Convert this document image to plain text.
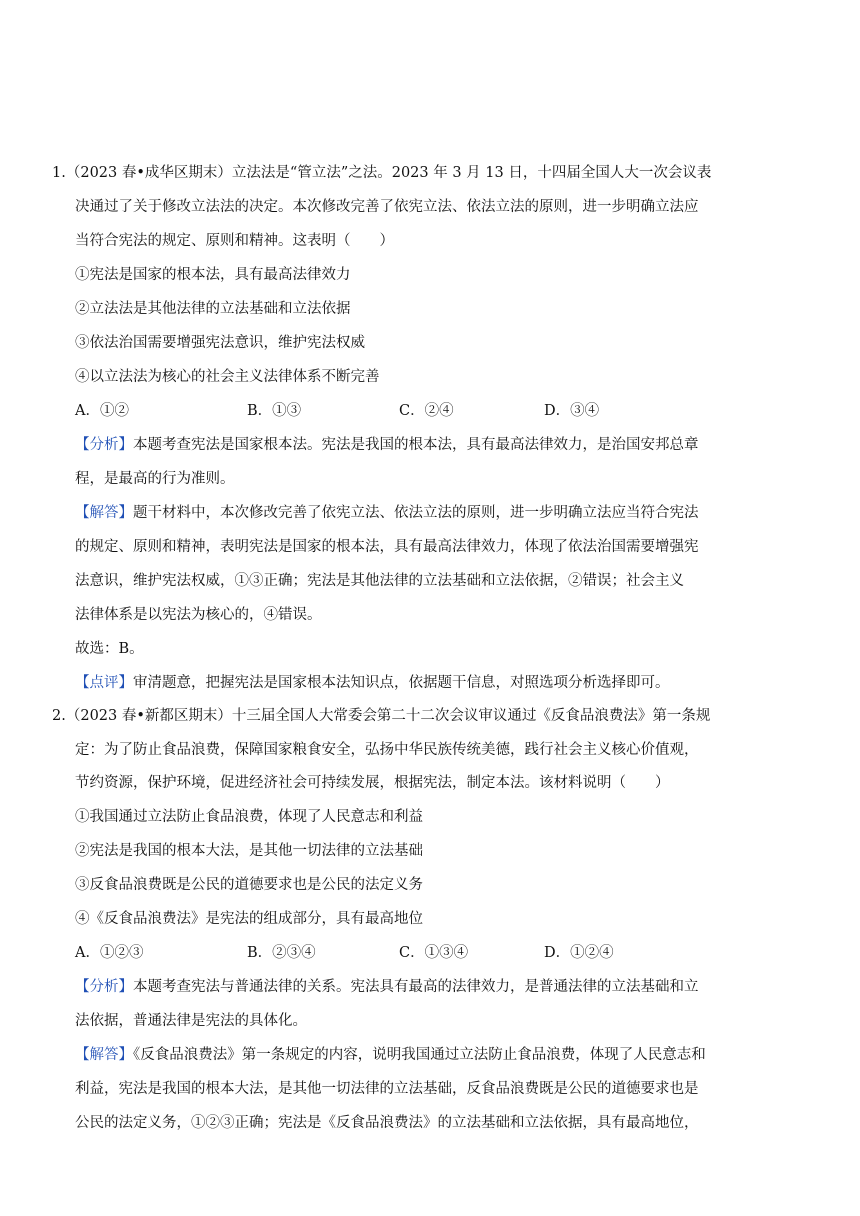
1.（2023 春•成华区期末）立法法是“管立法”之法。2023 年 3 月 13 日，十四届全国人大一次会议表
决通过了关于修改立法法的决定。本次修改完善了依宪立法、依法立法的原则，进一步明确立法应
当符合宪法的规定、原则和精神。这表明（　　）
①宪法是国家的根本法，具有最高法律效力
②立法法是其他法律的立法基础和立法依据
③依法治国需要增强宪法意识，维护宪法权威
④以立法法为核心的社会主义法律体系不断完善
A．①②	B．①③	C．②④	D．③④
【分析】本题考查宪法是国家根本法。宪法是我国的根本法，具有最高法律效力，是治国安邦总章
程，是最高的行为准则。
【解答】题干材料中，本次修改完善了依宪立法、依法立法的原则，进一步明确立法应当符合宪法
的规定、原则和精神，表明宪法是国家的根本法，具有最高法律效力，体现了依法治国需要增强宪
法意识，维护宪法权威，①③正确；宪法是其他法律的立法基础和立法依据，②错误；社会主义
法律体系是以宪法为核心的，④错误。
故选：B。
【点评】审清题意，把握宪法是国家根本法知识点，依据题干信息，对照选项分析选择即可。
2.（2023 春•新都区期末）十三届全国人大常委会第二十二次会议审议通过《反食品浪费法》第一条规
定：为了防止食品浪费，保障国家粮食安全，弘扬中华民族传统美德，践行社会主义核心价值观，
节约资源，保护环境，促进经济社会可持续发展，根据宪法，制定本法。该材料说明（　　）
①我国通过立法防止食品浪费，体现了人民意志和利益
②宪法是我国的根本大法，是其他一切法律的立法基础
③反食品浪费既是公民的道德要求也是公民的法定义务
④《反食品浪费法》是宪法的组成部分，具有最高地位
A．①②③	B．②③④	C．①③④	D．①②④
【分析】本题考查宪法与普通法律的关系。宪法具有最高的法律效力，是普通法律的立法基础和立
法依据，普通法律是宪法的具体化。
【解答】《反食品浪费法》第一条规定的内容，说明我国通过立法防止食品浪费，体现了人民意志和
利益，宪法是我国的根本大法，是其他一切法律的立法基础，反食品浪费既是公民的道德要求也是
公民的法定义务，①②③正确；宪法是《反食品浪费法》的立法基础和立法依据，具有最高地位，
